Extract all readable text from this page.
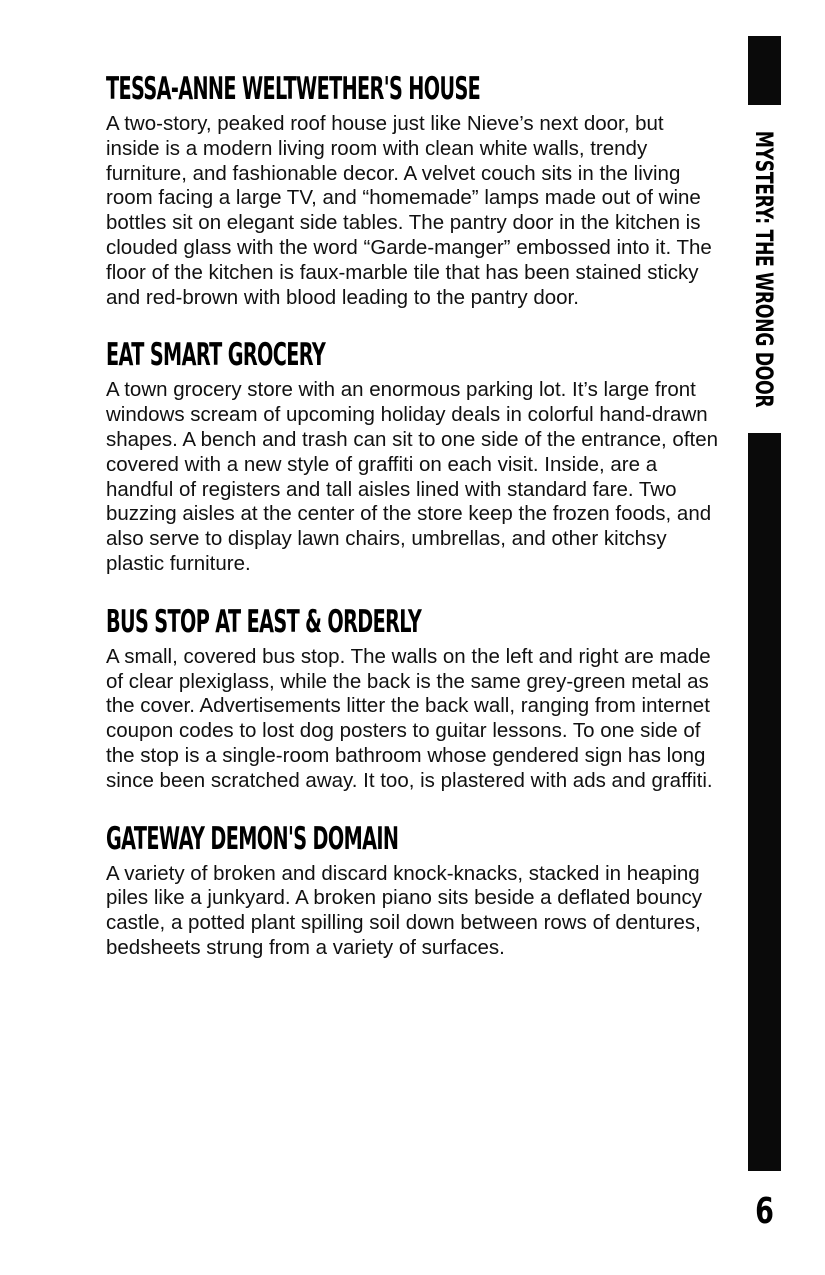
TESSA-ANNE WELTWETHER'S HOUSE

A two-story, peaked roof house just like Nieve’s next door, but inside is a modern living room with clean white walls, trendy furniture, and fashionable decor. A velvet couch sits in the living room facing a large TV, and “homemade” lamps made out of wine bottles sit on elegant side tables. The pantry door in the kitchen is clouded glass with the word “Garde-manger” embossed into it. The floor of the kitchen is faux-marble tile that has been stained sticky and red-brown with blood leading to the pantry door.

EAT SMART GROCERY

A town grocery store with an enormous parking lot. It’s large front windows scream of upcoming holiday deals in colorful hand-drawn shapes. A bench and trash can sit to one side of the entrance, often covered with a new style of graffiti on each visit. Inside, are a handful of registers and tall aisles lined with standard fare. Two buzzing aisles at the center of the store keep the frozen foods, and also serve to display lawn chairs, umbrellas, and other kitchsy plastic furniture.

BUS STOP AT EAST & ORDERLY

A small, covered bus stop. The walls on the left and right are made of clear plexiglass, while the back is the same grey-green metal as the cover. Advertisements litter the back wall, ranging from internet coupon codes to lost dog posters to guitar lessons. To one side of the stop is a single-room bathroom whose gendered sign has long since been scratched away. It too, is plastered with ads and graffiti.

GATEWAY DEMON'S DOMAIN

A variety of broken and discard knock-knacks, stacked in heaping piles like a junkyard. A broken piano sits beside a deflated bouncy castle, a potted plant spilling soil down between rows of dentures, bedsheets strung from a variety of surfaces.

MYSTERY: THE WRONG DOOR
6
